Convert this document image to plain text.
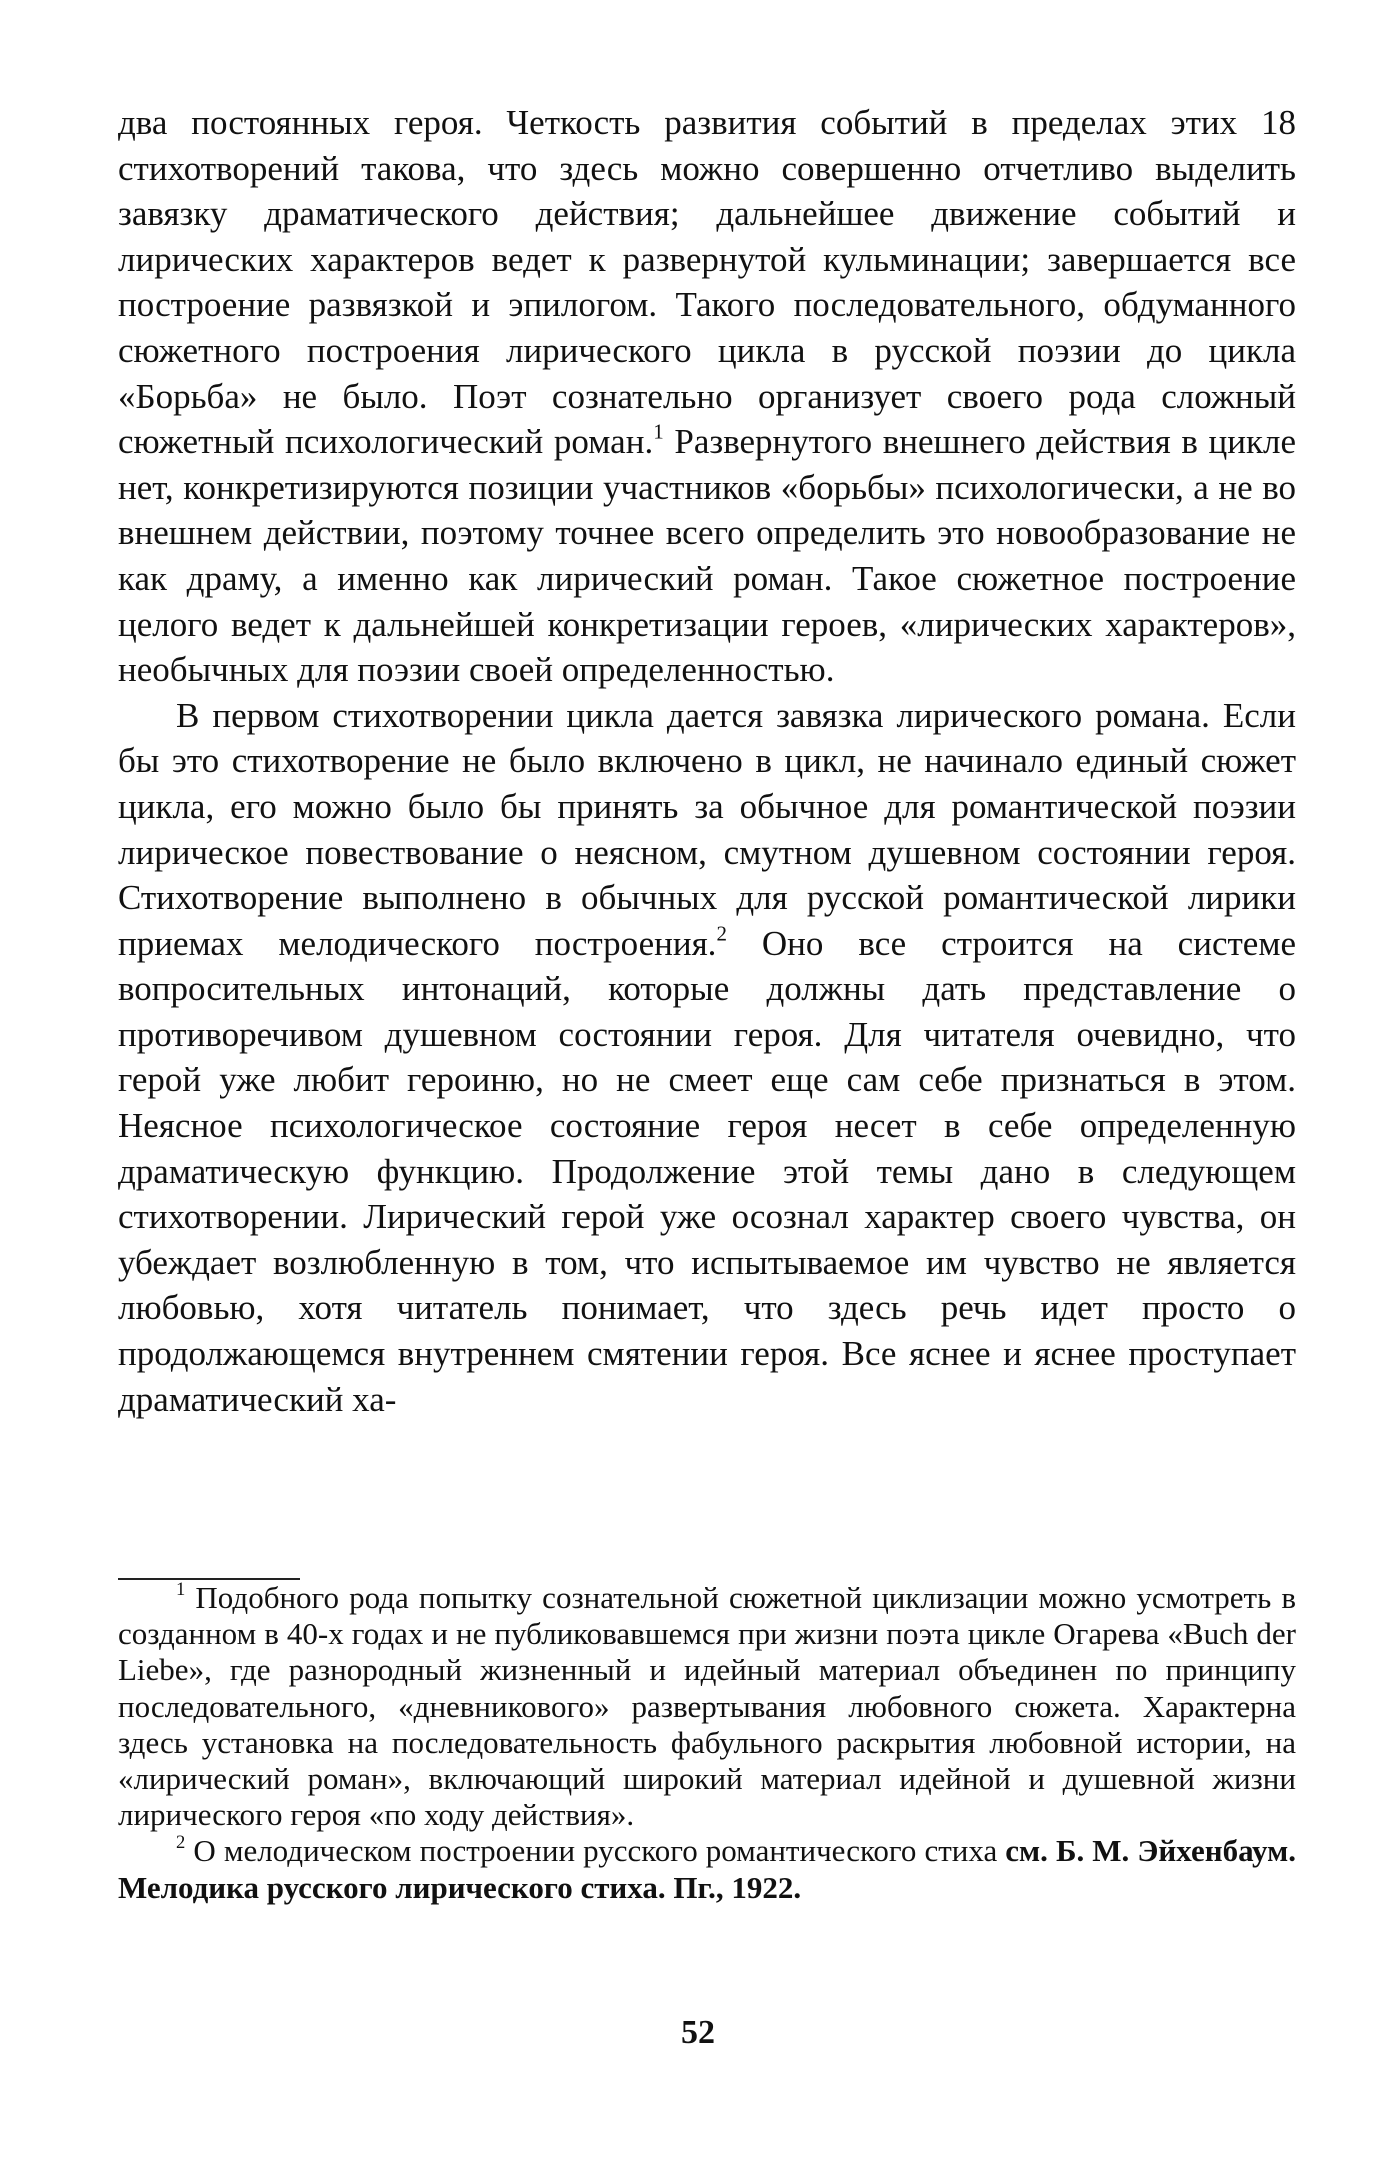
два постоянных героя. Четкость развития событий в пределах этих 18 стихотворений такова, что здесь можно совершенно отчетливо выделить завязку драматического действия; дальнейшее движение событий и лирических характеров ведет к развернутой кульминации; завершается все построение развязкой и эпилогом. Такого последовательного, обдуманного сюжетного построения лирического цикла в русской поэзии до цикла «Борьба» не было. Поэт сознательно организует своего рода сложный сюжетный психологический роман.$^1$ Развернутого внешнего действия в цикле нет, конкретизируются позиции участников «борьбы» психологически, а не во внешнем действии, поэтому точнее всего определить это новообразование не как драму, а именно как лирический роман. Такое сюжетное построение целого ведет к дальнейшей конкретизации героев, «лирических характеров», необычных для поэзии своей определенностью.

В первом стихотворении цикла дается завязка лирического романа. Если бы это стихотворение не было включено в цикл, не начинало единый сюжет цикла, его можно было бы принять за обычное для романтической поэзии лирическое повествование о неясном, смутном душевном состоянии героя. Стихотворение выполнено в обычных для русской романтической лирики приемах мелодического построения.$^2$ Оно все строится на системе вопросительных интонаций, которые должны дать представление о противоречивом душевном состоянии героя. Для читателя очевидно, что герой уже любит героиню, но не смеет еще сам себе признаться в этом. Неясное психологическое состояние героя несет в себе определенную драматическую функцию. Продолжение этой темы дано в следующем стихотворении. Лирический герой уже осознал характер своего чувства, он убеждает возлюбленную в том, что испытываемое им чувство не является любовью, хотя читатель понимает, что здесь речь идет просто о продолжающемся внутреннем смятении героя. Все яснее и яснее проступает драматический ха-

$^1$ Подобного рода попытку сознательной сюжетной циклизации можно усмотреть в созданном в 40-х годах и не публиковавшемся при жизни поэта цикле Огарева «Buch der Liebe», где разнородный жизненный и идейный материал объединен по принципу последовательного, «дневникового» развертывания любовного сюжета. Характерна здесь установка на последовательность фабульного раскрытия любовной истории, на «лирический роман», включающий широкий материал идейной и душевной жизни лирического героя «по ходу действия».

$^2$ О мелодическом построении русского романтического стиха см. Б. М. Эйхенбаум. Мелодика русского лирического стиха. Пг., 1922.

52
